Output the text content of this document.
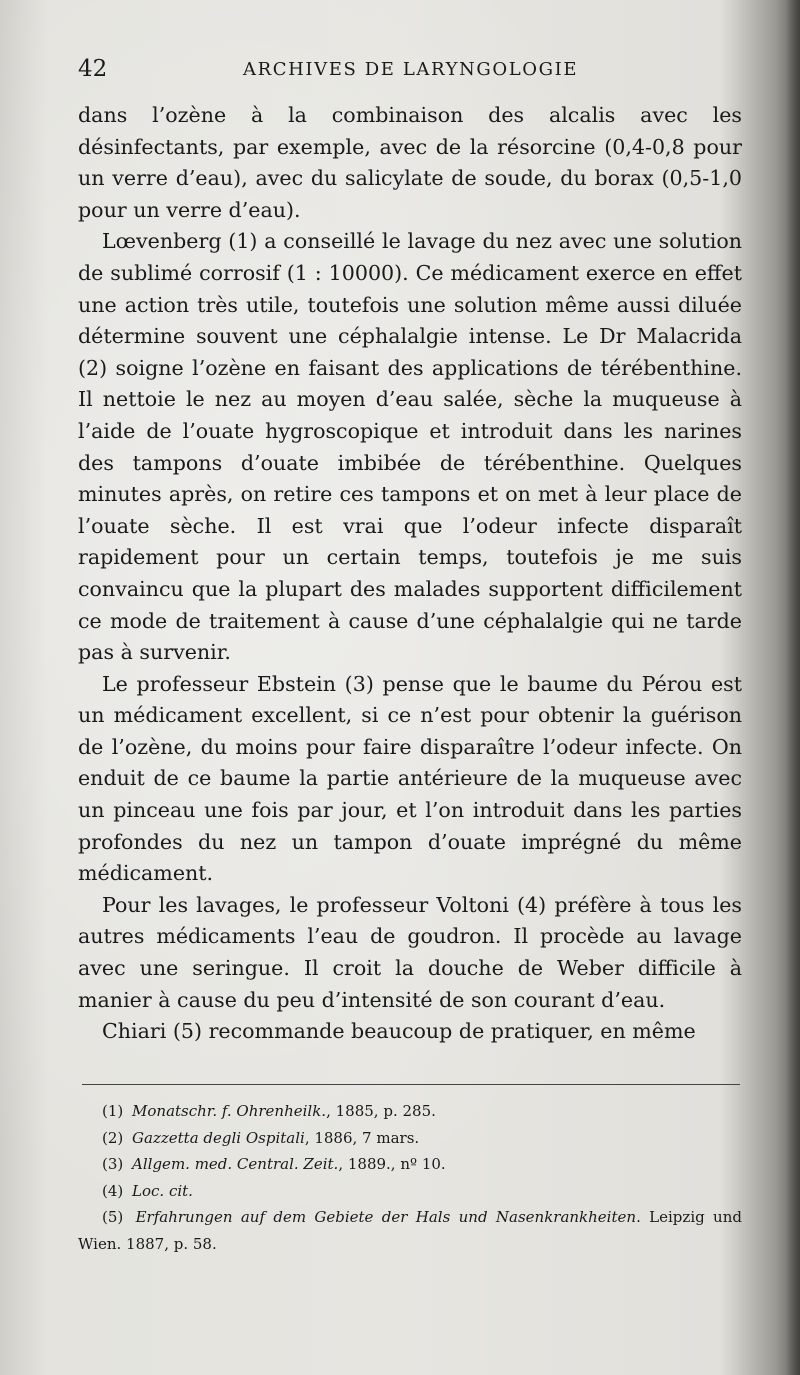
42	ARCHIVES DE LARYNGOLOGIE

dans l’ozène à la combinaison des alcalis avec les désinfectants, par exemple, avec de la résorcine (0,4-0,8 pour un verre d’eau), avec du salicylate de soude, du borax (0,5-1,0 pour un verre d’eau).

Lœvenberg (1) a conseillé le lavage du nez avec une solution de sublimé corrosif (1 : 10000). Ce médicament exerce en effet une action très utile, toutefois une solution même aussi diluée détermine souvent une céphalalgie intense. Le Dr Malacrida (2) soigne l’ozène en faisant des applications de térébenthine. Il nettoie le nez au moyen d’eau salée, sèche la muqueuse à l’aide de l’ouate hygroscopique et introduit dans les narines des tampons d’ouate imbibée de térébenthine. Quelques minutes après, on retire ces tampons et on met à leur place de l’ouate sèche. Il est vrai que l’odeur infecte disparaît rapidement pour un certain temps, toutefois je me suis convaincu que la plupart des malades supportent difficilement ce mode de traitement à cause d’une céphalalgie qui ne tarde pas à survenir.

Le professeur Ebstein (3) pense que le baume du Pérou est un médicament excellent, si ce n’est pour obtenir la guérison de l’ozène, du moins pour faire disparaître l’odeur infecte. On enduit de ce baume la partie antérieure de la muqueuse avec un pinceau une fois par jour, et l’on introduit dans les parties profondes du nez un tampon d’ouate imprégné du même médicament.

Pour les lavages, le professeur Voltoni (4) préfère à tous les autres médicaments l’eau de goudron. Il procède au lavage avec une seringue. Il croit la douche de Weber difficile à manier à cause du peu d’intensité de son courant d’eau.

Chiari (5) recommande beaucoup de pratiquer, en même

(1) Monatschr. f. Ohrenheilk., 1885, p. 285.

(2) Gazzetta degli Ospitali, 1886, 7 mars.

(3) Allgem. med. Central. Zeit., 1889., nº 10.

(4) Loc. cit.

(5) Erfahrungen auf dem Gebiete der Hals und Nasenkrankheiten. Leipzig und Wien. 1887, p. 58.
